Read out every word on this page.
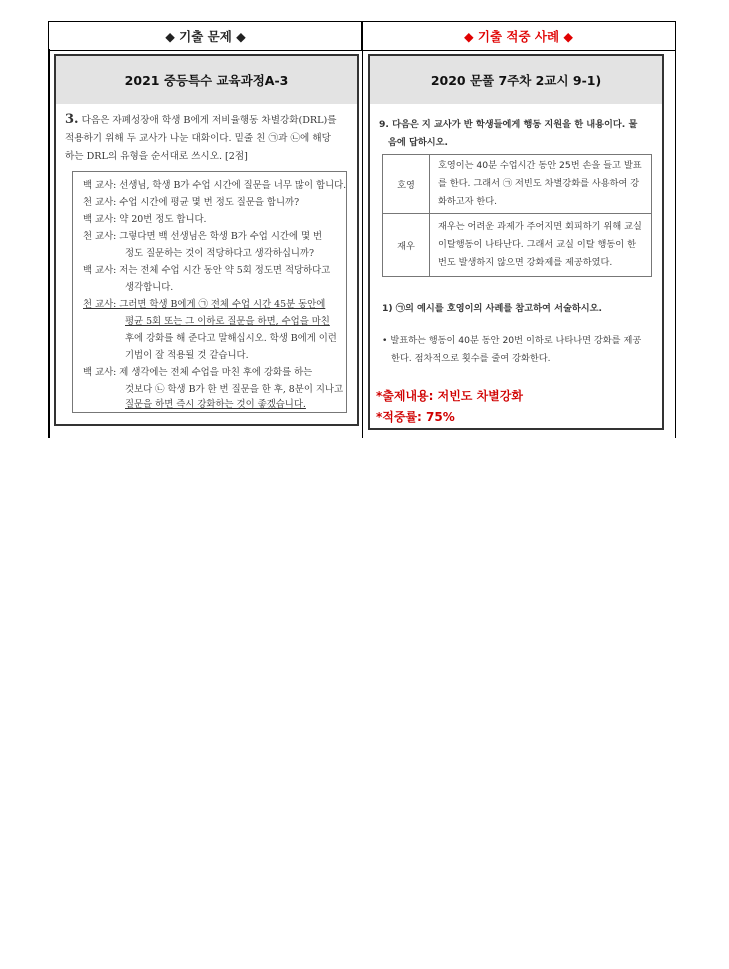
◆ 기출 문제 ◆	◆ 기출 적중 사례 ◆
2021 중등특수 교육과정A-3
3. 다음은 자폐성장애 학생 B에게 저비율행동 차별강화(DRL)를
적용하기 위해 두 교사가 나눈 대화이다. 밑줄 친 ㉠과 ㉡에 해당
하는 DRL의 유형을 순서대로 쓰시오. [2점]
백 교사: 선생님, 학생 B가 수업 시간에 질문을 너무 많이 합니다.
천 교사: 수업 시간에 평균 몇 번 정도 질문을 합니까?
백 교사: 약 20번 정도 합니다.
천 교사: 그렇다면 백 선생님은 학생 B가 수업 시간에 몇 번
정도 질문하는 것이 적당하다고 생각하십니까?
백 교사: 저는 전체 수업 시간 동안 약 5회 정도면 적당하다고
생각합니다.
천 교사: 그러면 학생 B에게 ㉠ 전체 수업 시간 45분 동안에
평균 5회 또는 그 이하로 질문을 하면, 수업을 마친
후에 강화를 해 준다고 말해십시오. 학생 B에게 이런
기법이 잘 적용될 것 같습니다.
백 교사: 제 생각에는 전체 수업을 마친 후에 강화를 하는
것보다 ㉡ 학생 B가 한 번 질문을 한 후, 8분이 지나고
질문을 하면 즉시 강화하는 것이 좋겠습니다.
2020 문풀 7주차 2교시 9-1)
9. 다음은 지 교사가 반 학생들에게 행동 지원을 한 내용이다. 물
음에 답하시오.
호영	호영이는 40분 수업시간 동안 25번 손을 들고 발표
를 한다. 그래서 ㉠ 저빈도 차별강화를 사용하여 강
화하고자 한다.

재우	재우는 어려운 과제가 주어지면 회피하기 위해 교실
이탈행동이 나타난다. 그래서 교실 이탈 행동이 한
번도 발생하지 않으면 강화제를 제공하였다.
1) ㉠의 예시를 호영이의 사례를 참고하여 서술하시오.
• 발표하는 행동이 40분 동안 20번 이하로 나타나면 강화를 제공
한다. 점차적으로 횟수를 줄여 강화한다.
*출제내용: 저빈도 차별강화
*적중률: 75%
